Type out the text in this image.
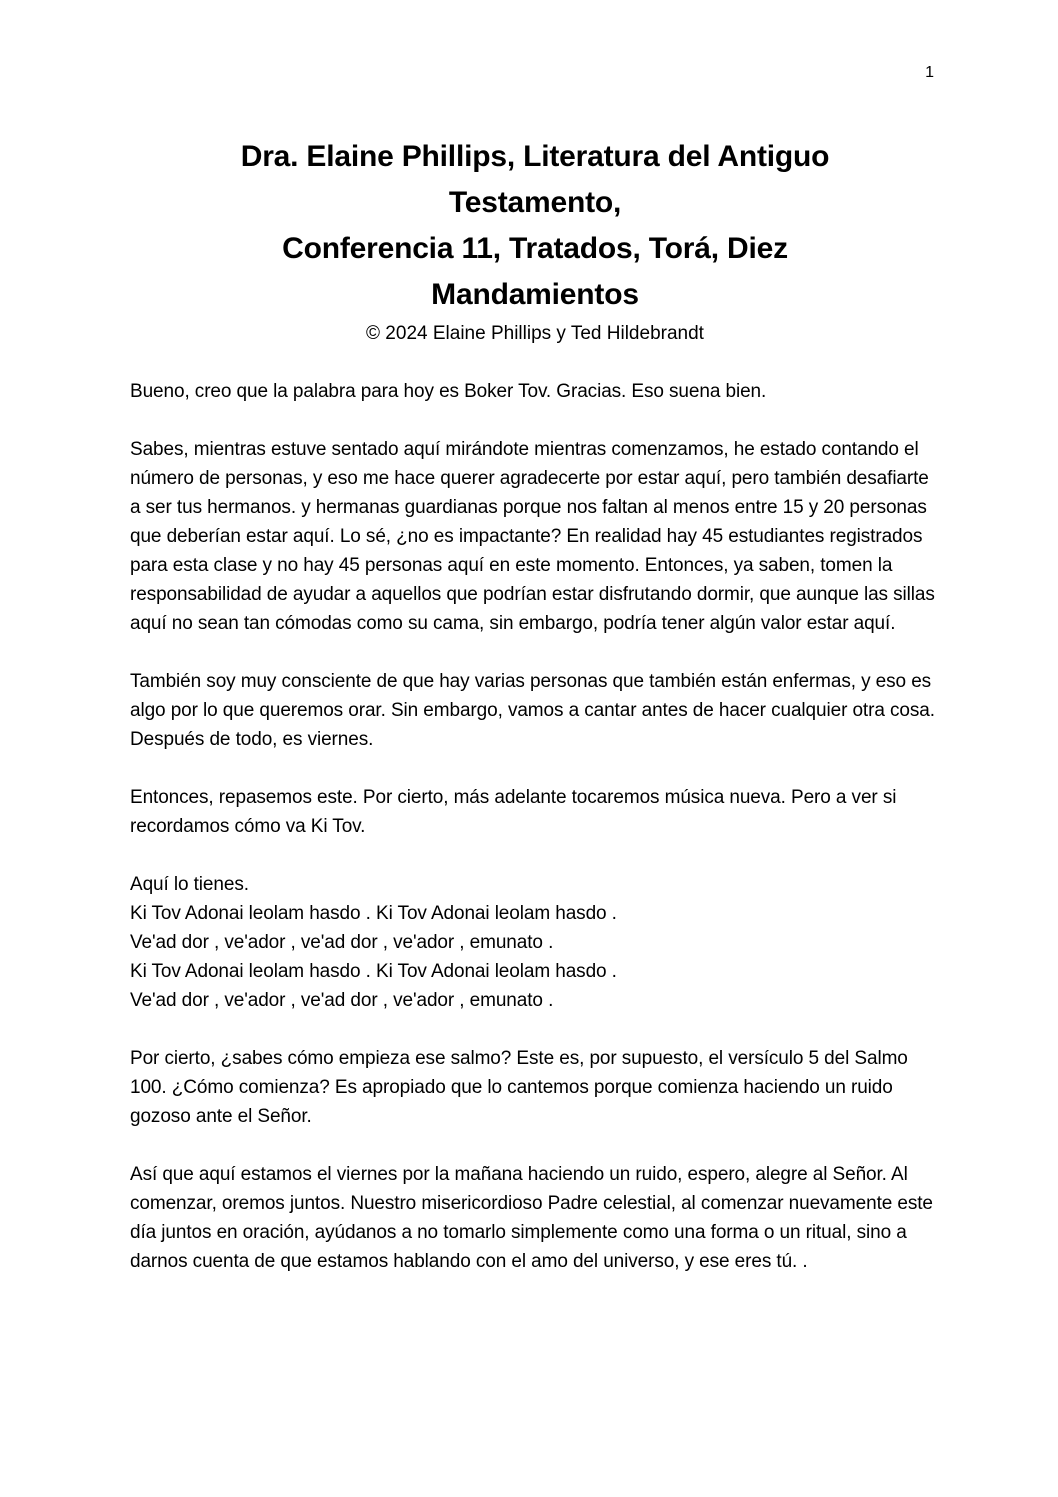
1
Dra. Elaine Phillips, Literatura del Antiguo
Testamento,
Conferencia 11, Tratados, Torá, Diez
Mandamientos
© 2024 Elaine Phillips y Ted Hildebrandt

Bueno, creo que la palabra para hoy es Boker Tov. Gracias. Eso suena bien.

Sabes, mientras estuve sentado aquí mirándote mientras comenzamos, he estado contando el número de personas, y eso me hace querer agradecerte por estar aquí, pero también desafiarte a ser tus hermanos. y hermanas guardianas porque nos faltan al menos entre 15 y 20 personas que deberían estar aquí. Lo sé, ¿no es impactante? En realidad hay 45 estudiantes registrados para esta clase y no hay 45 personas aquí en este momento. Entonces, ya saben, tomen la responsabilidad de ayudar a aquellos que podrían estar disfrutando dormir, que aunque las sillas aquí no sean tan cómodas como su cama, sin embargo, podría tener algún valor estar aquí.

También soy muy consciente de que hay varias personas que también están enfermas, y eso es algo por lo que queremos orar. Sin embargo, vamos a cantar antes de hacer cualquier otra cosa. Después de todo, es viernes.

Entonces, repasemos este. Por cierto, más adelante tocaremos música nueva. Pero a ver si recordamos cómo va Ki Tov.

Aquí lo tienes.
Ki Tov Adonai leolam hasdo . Ki Tov Adonai leolam hasdo .
Ve'ad dor , ve'ador , ve'ad dor , ve'ador , emunato .
Ki Tov Adonai leolam hasdo . Ki Tov Adonai leolam hasdo .
Ve'ad dor , ve'ador , ve'ad dor , ve'ador , emunato .

Por cierto, ¿sabes cómo empieza ese salmo? Este es, por supuesto, el versículo 5 del Salmo 100. ¿Cómo comienza? Es apropiado que lo cantemos porque comienza haciendo un ruido gozoso ante el Señor.

Así que aquí estamos el viernes por la mañana haciendo un ruido, espero, alegre al Señor. Al comenzar, oremos juntos. Nuestro misericordioso Padre celestial, al comenzar nuevamente este día juntos en oración, ayúdanos a no tomarlo simplemente como una forma o un ritual, sino a darnos cuenta de que estamos hablando con el amo del universo, y ese eres tú. .
